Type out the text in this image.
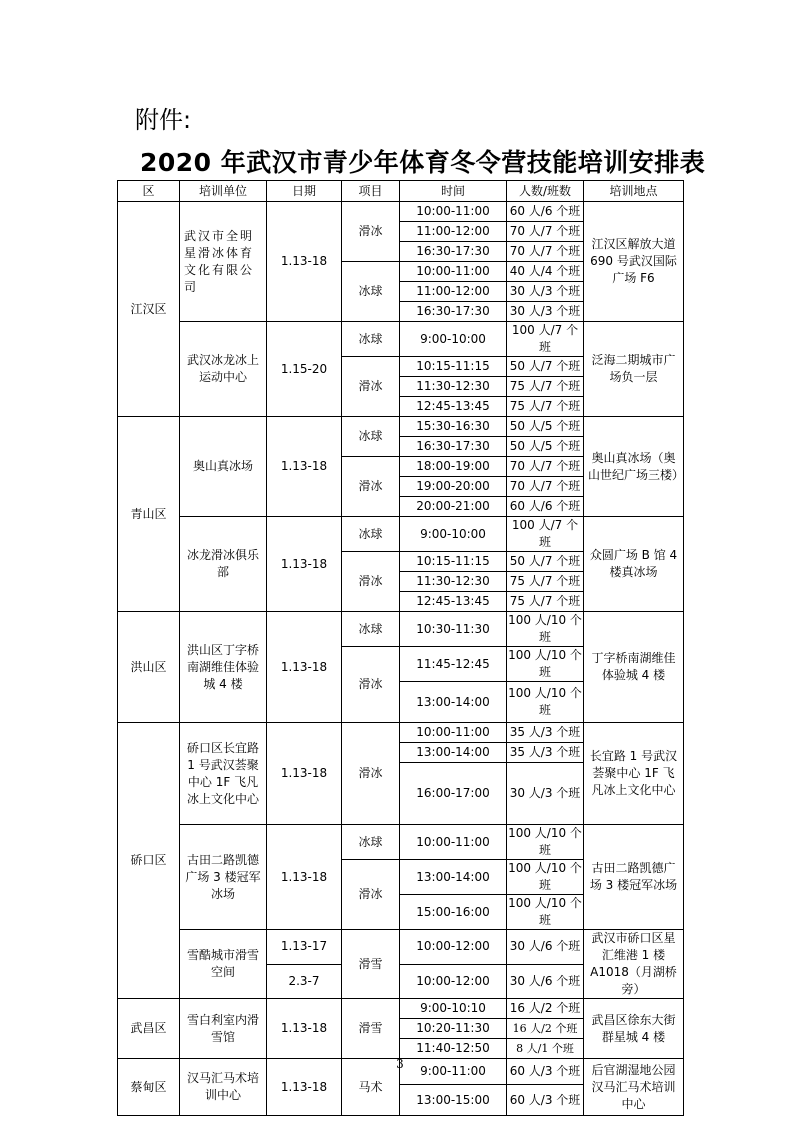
附件:
2020 年武汉市青少年体育冬令营技能培训安排表
区	培训单位	日期	项目	时间	人数/班数	培训地点
江汉区	武汉市全明星滑冰体育文化有限公司	1.13-18	滑冰	10:00-11:00	60 人/6 个班	江汉区解放大道 690 号武汉国际广场 F6
				11:00-12:00	70 人/7 个班	
				16:30-17:30	70 人/7 个班	
			冰球	10:00-11:00	40 人/4 个班	
				11:00-12:00	30 人/3 个班	
				16:30-17:30	30 人/3 个班	
	武汉冰龙冰上运动中心	1.15-20	冰球	9:00-10:00	100 人/7 个班	泛海二期城市广场负一层
			滑冰	10:15-11:15	50 人/7 个班	
				11:30-12:30	75 人/7 个班	
				12:45-13:45	75 人/7 个班	
青山区	奥山真冰场	1.13-18	冰球	15:30-16:30	50 人/5 个班	奥山真冰场（奥山世纪广场三楼）
				16:30-17:30	50 人/5 个班	
			滑冰	18:00-19:00	70 人/7 个班	
				19:00-20:00	70 人/7 个班	
				20:00-21:00	60 人/6 个班	
	冰龙滑冰俱乐部	1.13-18	冰球	9:00-10:00	100 人/7 个班	众圆广场 B 馆 4 楼真冰场
			滑冰	10:15-11:15	50 人/7 个班	
				11:30-12:30	75 人/7 个班	
				12:45-13:45	75 人/7 个班	
洪山区	洪山区丁字桥南湖维佳体验城 4 楼	1.13-18	冰球	10:30-11:30	100 人/10 个班	丁字桥南湖维佳体验城 4 楼
			滑冰	11:45-12:45	100 人/10 个班	
				13:00-14:00	100 人/10 个班	
硚口区	硚口区长宜路 1 号武汉荟聚中心 1F 飞凡冰上文化中心	1.13-18	滑冰	10:00-11:00	35 人/3 个班	长宜路 1 号武汉荟聚中心 1F 飞凡冰上文化中心
				13:00-14:00	35 人/3 个班	
				16:00-17:00	30 人/3 个班	
	古田二路凯德广场 3 楼冠军冰场	1.13-18	冰球	10:00-11:00	100 人/10 个班	古田二路凯德广场 3 楼冠军冰场
			滑冰	13:00-14:00	100 人/10 个班	
				15:00-16:00	100 人/10 个班	
	雪酷城市滑雪空间	1.13-17	滑雪	10:00-12:00	30 人/6 个班	武汉市硚口区星汇维港 1 楼 A1018（月湖桥旁）
		2.3-7		10:00-12:00	30 人/6 个班	
武昌区	雪白利室内滑雪馆	1.13-18	滑雪	9:00-10:10	16 人/2 个班	武昌区徐东大街群星城 4 楼
				10:20-11:30	16 人/2 个班	
				11:40-12:50	8 人/1 个班	
蔡甸区	汉马汇马术培训中心	1.13-18	马术	9:00-11:00	60 人/3 个班	后官湖湿地公园汉马汇马术培训中心
				13:00-15:00	60 人/3 个班	
3
